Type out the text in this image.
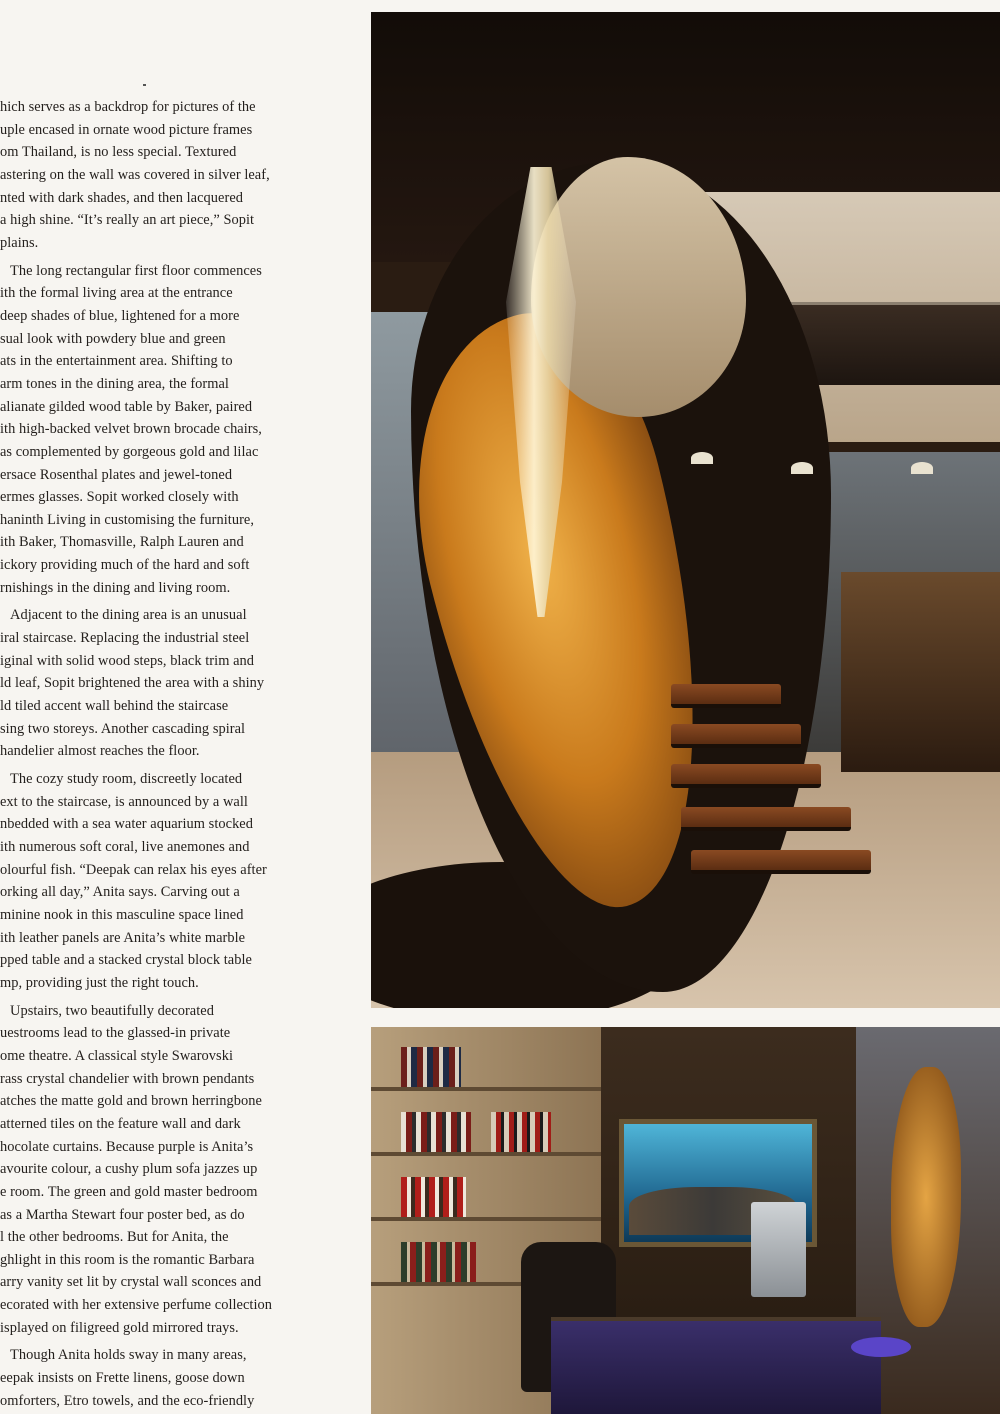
hich serves as a backdrop for pictures of the
uple encased in ornate wood picture frames
om Thailand, is no less special. Textured
astering on the wall was covered in silver leaf,
nted with dark shades, and then lacquered
a high shine. “It’s really an art piece,” Sopit
plains.
The long rectangular first floor commences
ith the formal living area at the entrance
deep shades of blue, lightened for a more
sual look with powdery blue and green
ats in the entertainment area. Shifting to
arm tones in the dining area, the formal
alianate gilded wood table by Baker, paired
ith high-backed velvet brown brocade chairs,
as complemented by gorgeous gold and lilac
ersace Rosenthal plates and jewel-toned
ermes glasses. Sopit worked closely with
haninth Living in customising the furniture,
ith Baker, Thomasville, Ralph Lauren and
ickory providing much of the hard and soft
rnishings in the dining and living room.
Adjacent to the dining area is an unusual
iral staircase. Replacing the industrial steel
iginal with solid wood steps, black trim and
ld leaf, Sopit brightened the area with a shiny
ld tiled accent wall behind the staircase
sing two storeys. Another cascading spiral
handelier almost reaches the floor.
The cozy study room, discreetly located
ext to the staircase, is announced by a wall
nbedded with a sea water aquarium stocked
ith numerous soft coral, live anemones and
olourful fish. “Deepak can relax his eyes after
orking all day,” Anita says. Carving out a
minine nook in this masculine space lined
ith leather panels are Anita’s white marble
pped table and a stacked crystal block table
mp, providing just the right touch.
Upstairs, two beautifully decorated
uestrooms lead to the glassed-in private
ome theatre. A classical style Swarovski
rass crystal chandelier with brown pendants
atches the matte gold and brown herringbone
atterned tiles on the feature wall and dark
hocolate curtains. Because purple is Anita’s
avourite colour, a cushy plum sofa jazzes up
e room. The green and gold master bedroom
as a Martha Stewart four poster bed, as do
l the other bedrooms. But for Anita, the
ghlight in this room is the romantic Barbara
arry vanity set lit by crystal wall sconces and
ecorated with her extensive perfume collection
isplayed on filigreed gold mirrored trays.
Though Anita holds sway in many areas,
eepak insists on Frette linens, goose down
omforters, Etro towels, and the eco-friendly
